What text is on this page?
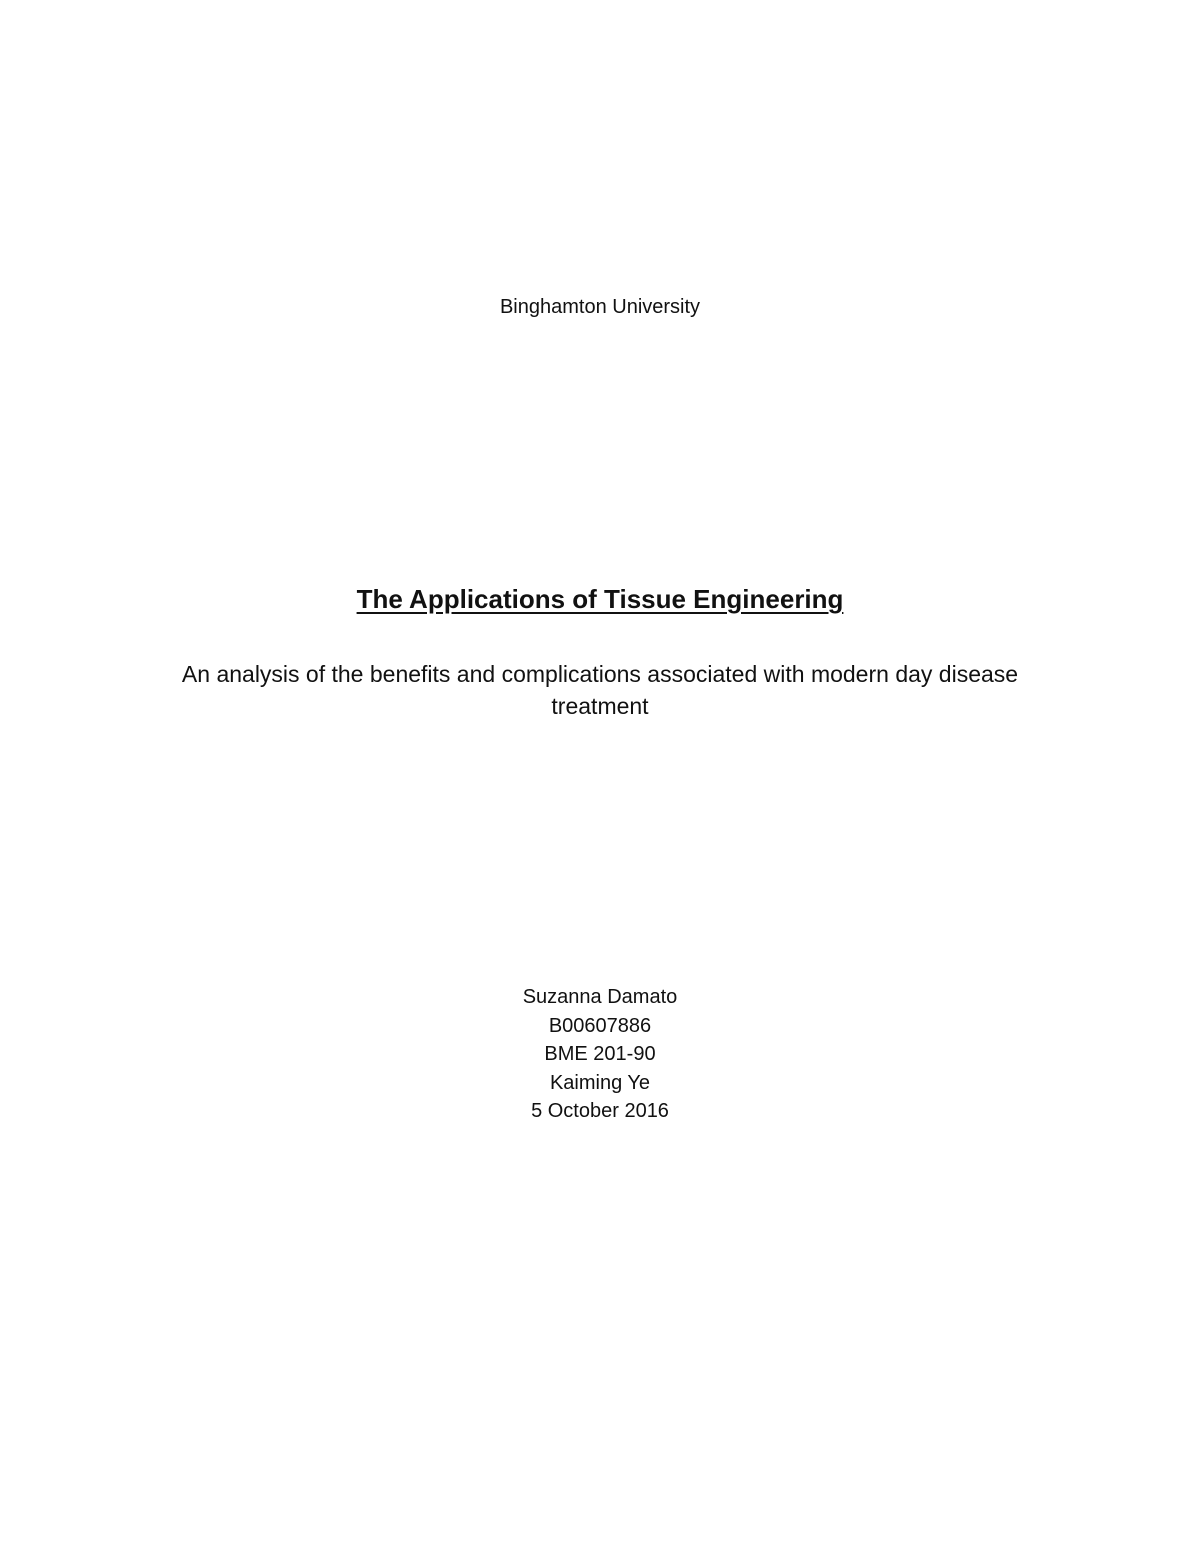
Binghamton University

The Applications of Tissue Engineering

An analysis of the benefits and complications associated with modern day disease treatment

Suzanna Damato
B00607886
BME 201-90
Kaiming Ye
5 October 2016
